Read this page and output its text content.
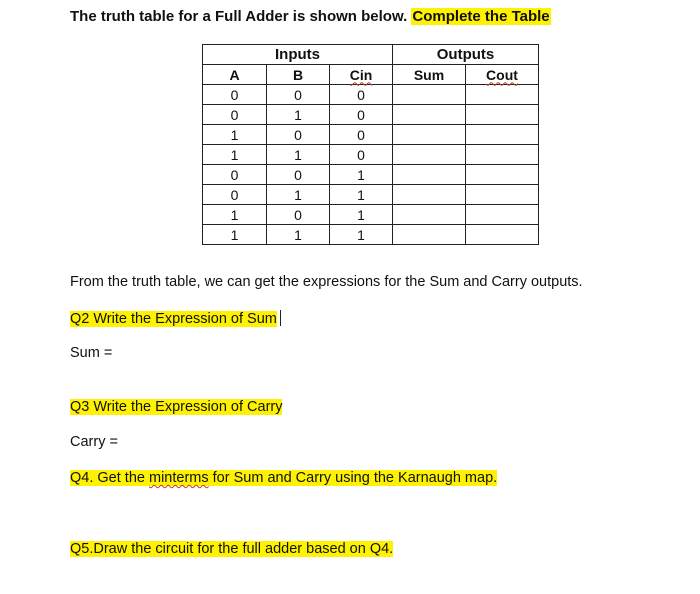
The truth table for a Full Adder is shown below. Complete the Table
Inputs			Outputs	
A	B	Cin	Sum	Cout
0	0	0		
0	1	0		
1	0	0		
1	1	0		
0	0	1		
0	1	1		
1	0	1		
1	1	1		
From the truth table, we can get the expressions for the Sum and Carry outputs.
Q2 Write the Expression of Sum
Sum =
Q3 Write the Expression of Carry
Carry =
Q4. Get the minterms for Sum and Carry using the Karnaugh map.
Q5.Draw the circuit for the full adder based on Q4.
